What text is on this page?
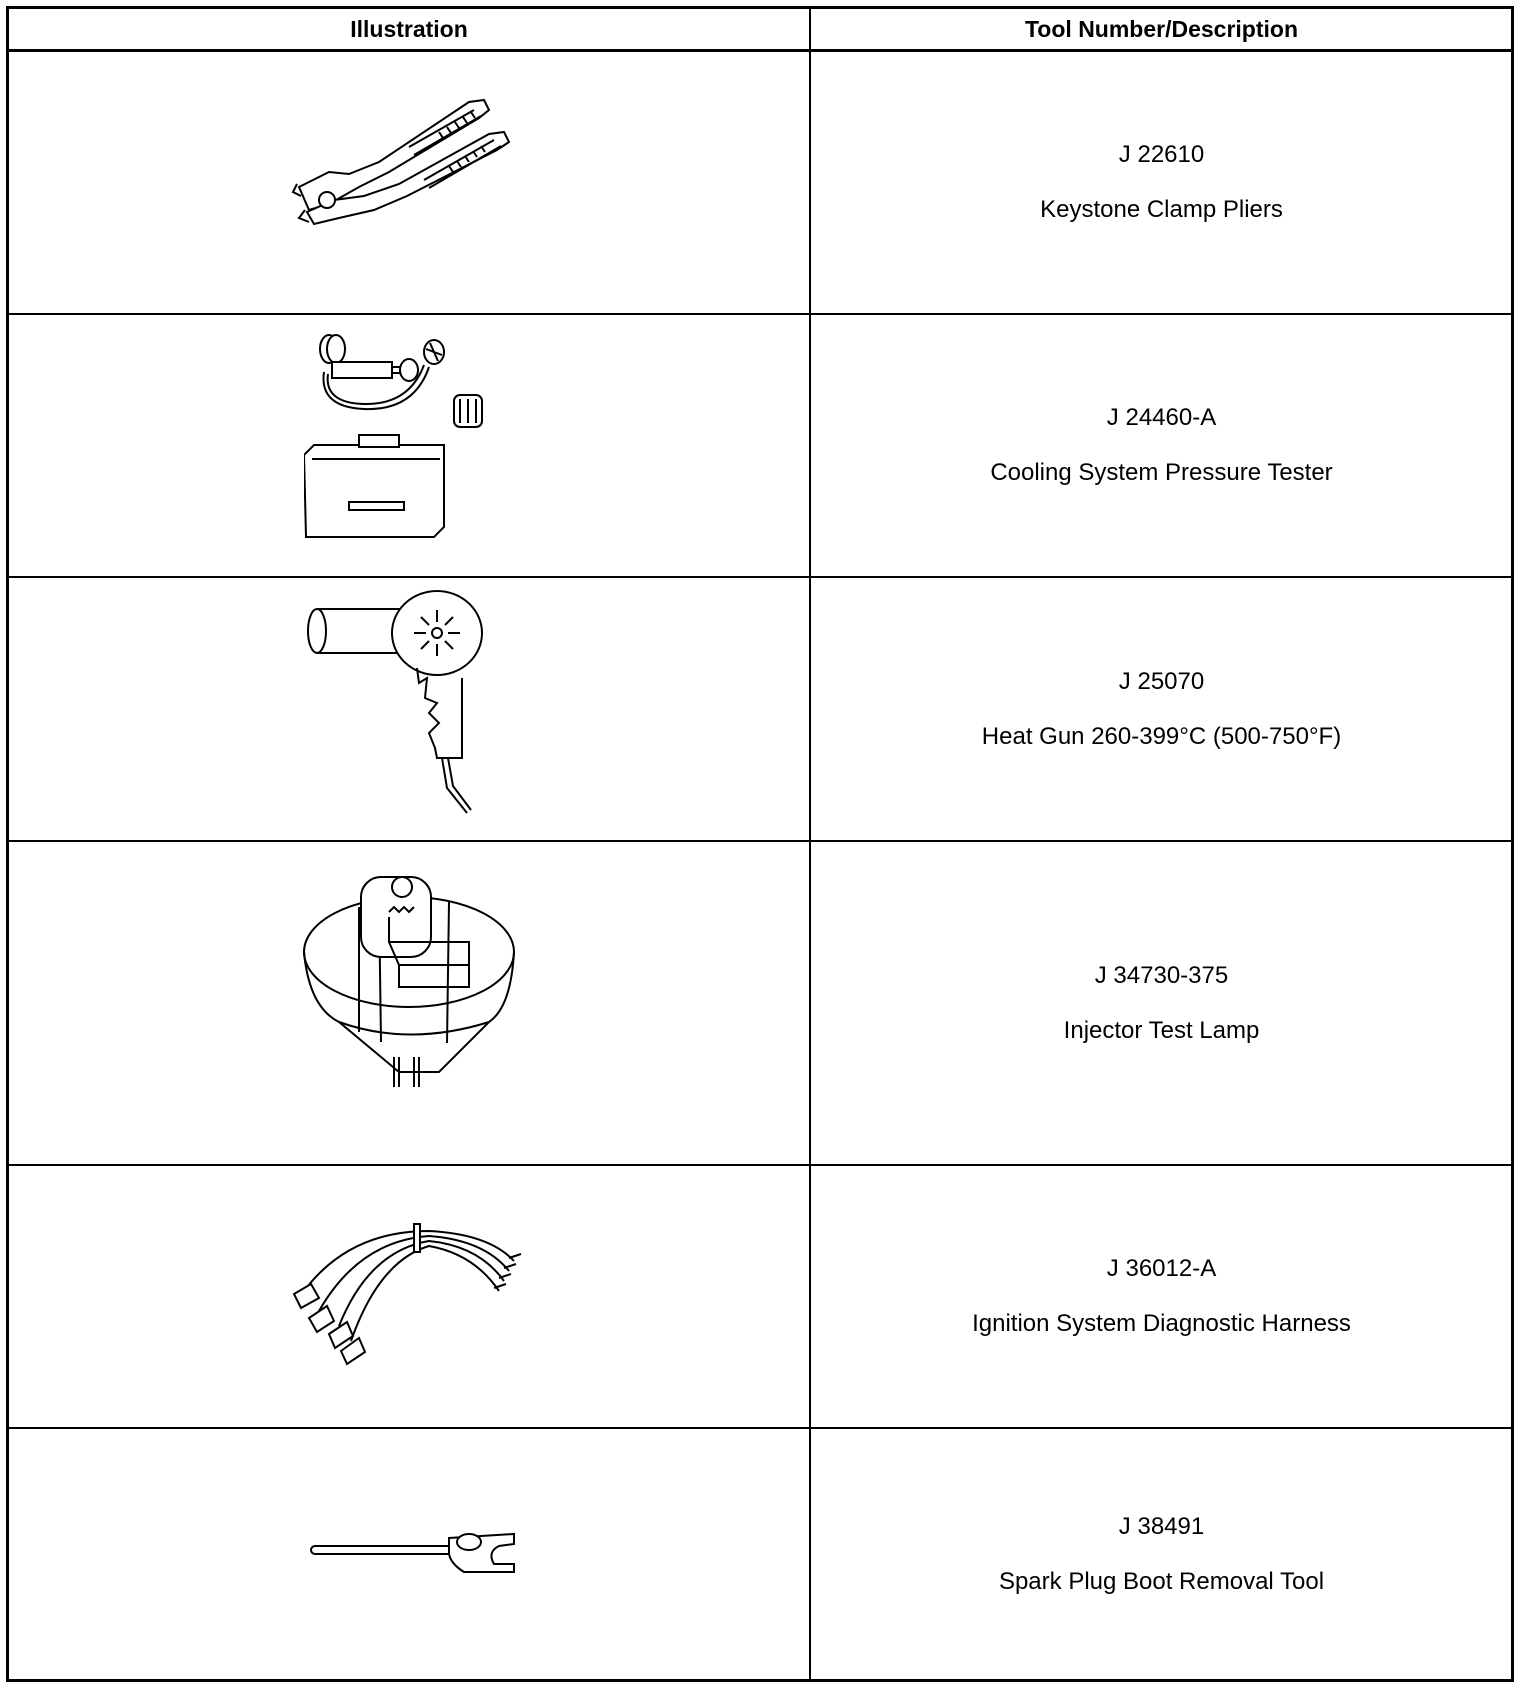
Illustration	Tool Number/Description
J 22610
Keystone Clamp Pliers
J 24460-A
Cooling System Pressure Tester
J 25070
Heat Gun 260-399°C (500-750°F)
J 34730-375
Injector Test Lamp
J 36012-A
Ignition System Diagnostic Harness
J 38491
Spark Plug Boot Removal Tool
